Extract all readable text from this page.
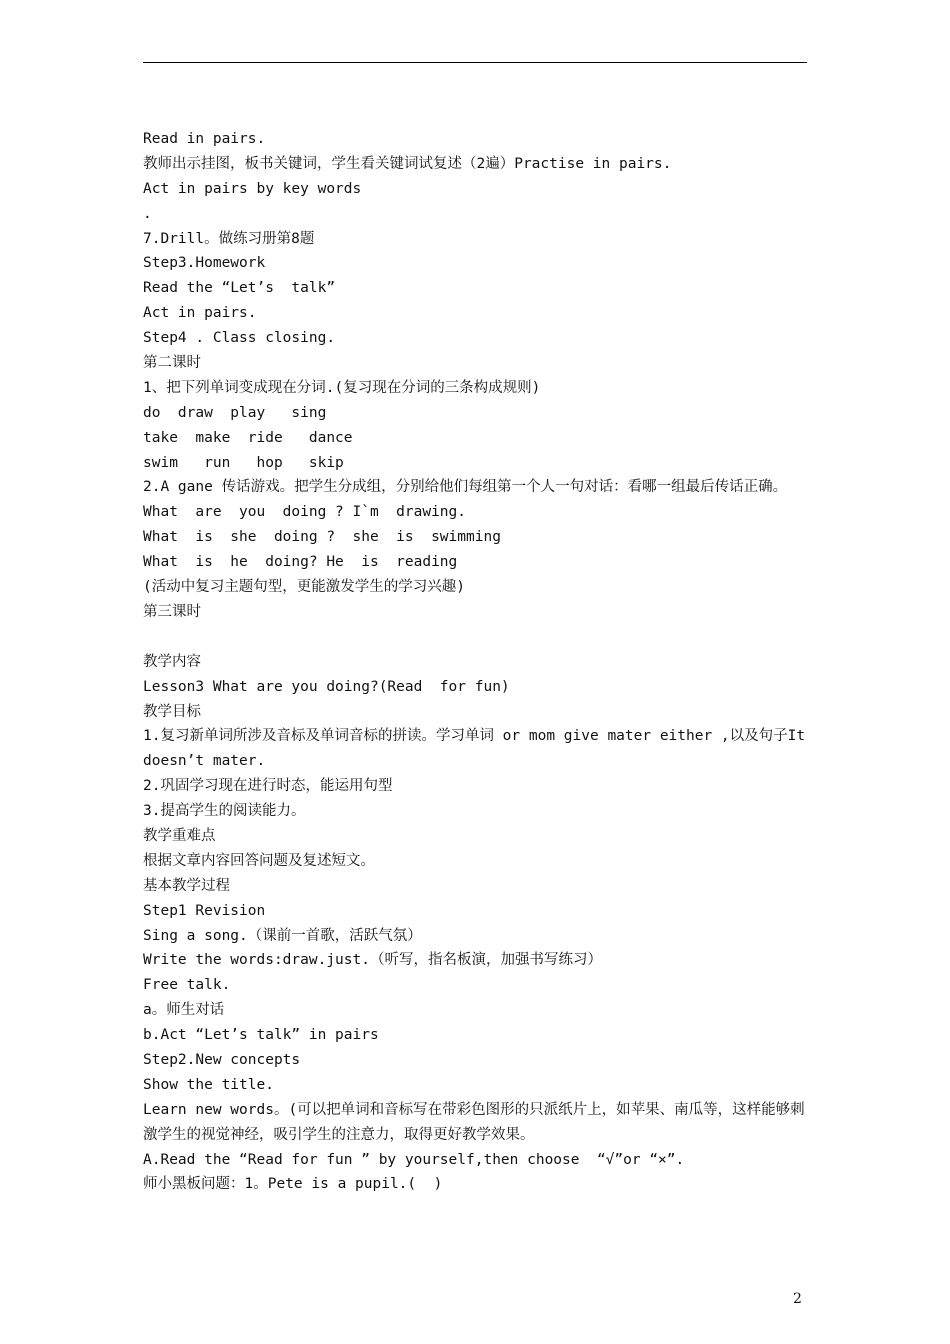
Read in pairs.
教师出示挂图，板书关键词，学生看关键词试复述（2遍）Practise in pairs.
Act in pairs by key words
.
7.Drill。做练习册第8题
Step3.Homework
Read the “Let’s  talk”
Act in pairs.
Step4 . Class closing.
第二课时
1、把下列单词变成现在分词.(复习现在分词的三条构成规则)
do  draw  play   sing
take  make  ride   dance
swim   run   hop   skip
2.A gane 传话游戏。把学生分成组，分别给他们每组第一个人一句对话：看哪一组最后传话正确。
What  are  you  doing ? I`m  drawing.
What  is  she  doing ?  she  is  swimming
What  is  he  doing? He  is  reading
(活动中复习主题句型，更能激发学生的学习兴趣)
第三课时
教学内容
Lesson3 What are you doing?(Read  for fun)
教学目标
1.复习新单词所涉及音标及单词音标的拼读。学习单词 or mom give mater either ,以及句子It doesn’t mater.
2.巩固学习现在进行时态，能运用句型
3.提高学生的阅读能力。
教学重难点
根据文章内容回答问题及复述短文。
基本教学过程
Step1 Revision
Sing a song.（课前一首歌，活跃气氛）
Write the words:draw.just.（听写，指名板演，加强书写练习）
Free talk.
a。师生对话
b.Act “Let’s talk” in pairs
Step2.New concepts
Show the title.
Learn new words。(可以把单词和音标写在带彩色图形的只派纸片上，如苹果、南瓜等，这样能够刺激学生的视觉神经，吸引学生的注意力，取得更好教学效果。
A.Read the “Read for fun ” by yourself,then choose  “√”or “×”.
师小黑板问题：1。Pete is a pupil.(  )
2
